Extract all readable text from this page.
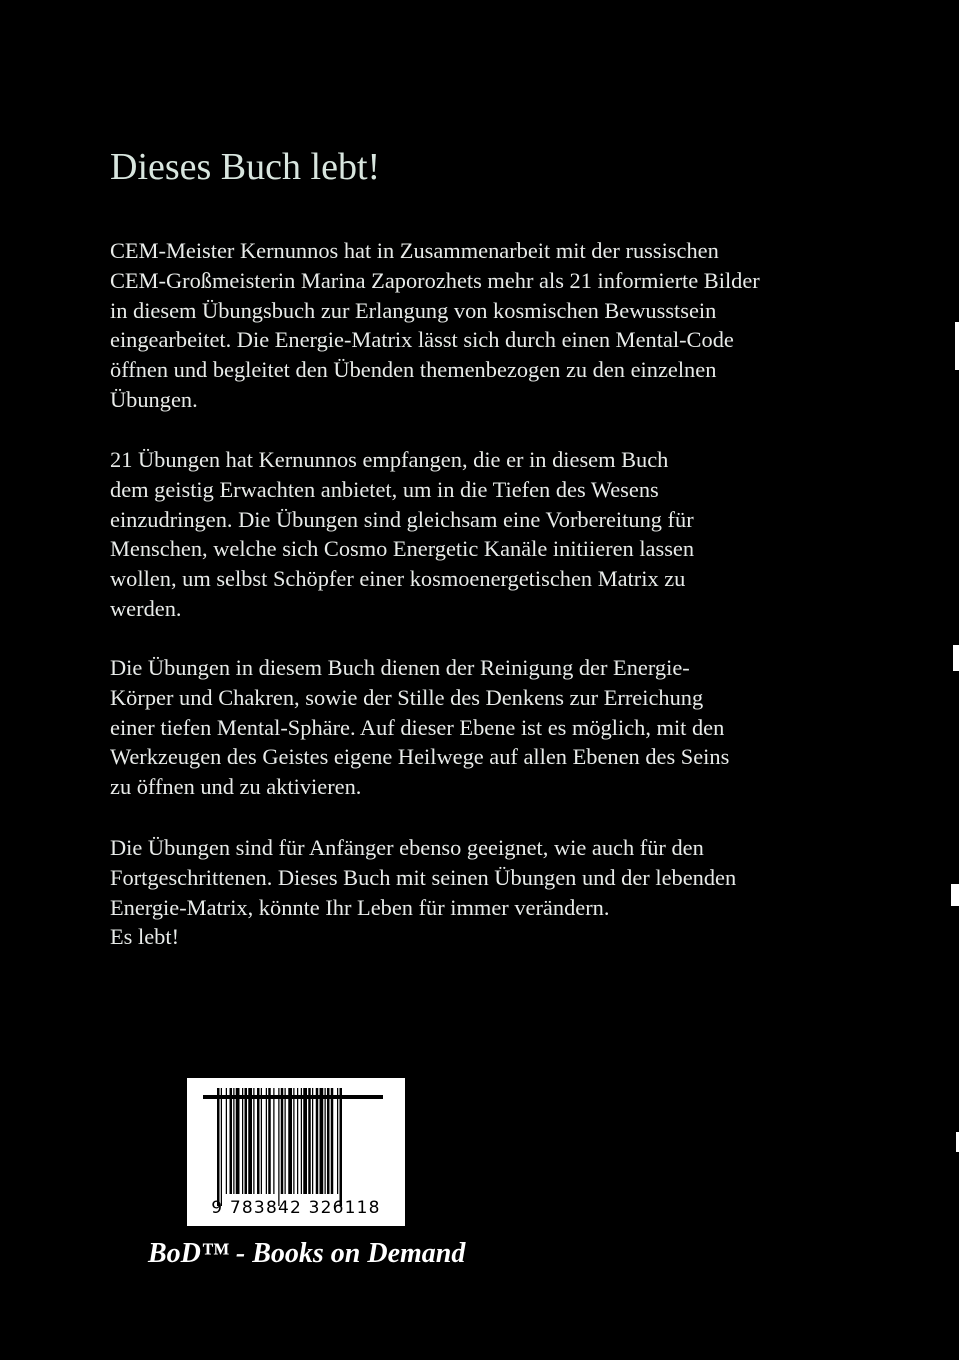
Dieses Buch lebt!

CEM-Meister Kernunnos hat in Zusammenarbeit mit der russischen
CEM-Großmeisterin Marina Zaporozhets mehr als 21 informierte Bilder
in diesem Übungsbuch zur Erlangung von kosmischen Bewusstsein
eingearbeitet. Die Energie-Matrix lässt sich durch einen Mental-Code
öffnen und begleitet den Übenden themenbezogen zu den einzelnen
Übungen.

21 Übungen hat Kernunnos empfangen, die er in diesem Buch
dem geistig Erwachten anbietet, um in die Tiefen des Wesens
einzudringen. Die Übungen sind gleichsam eine Vorbereitung für
Menschen, welche sich Cosmo Energetic Kanäle initiieren lassen
wollen, um selbst Schöpfer einer kosmoenergetischen Matrix zu
werden.

Die Übungen in diesem Buch dienen der Reinigung der Energie-
Körper und Chakren, sowie der Stille des Denkens zur Erreichung
einer tiefen Mental-Sphäre. Auf dieser Ebene ist es möglich, mit den
Werkzeugen des Geistes eigene Heilwege auf allen Ebenen des Seins
zu öffnen und zu aktivieren.

Die Übungen sind für Anfänger ebenso geeignet, wie auch für den
Fortgeschrittenen. Dieses Buch mit seinen Übungen und der lebenden
Energie-Matrix, könnte Ihr Leben für immer verändern.
Es lebt!

9 783842 326118

BoD™ - Books on Demand
